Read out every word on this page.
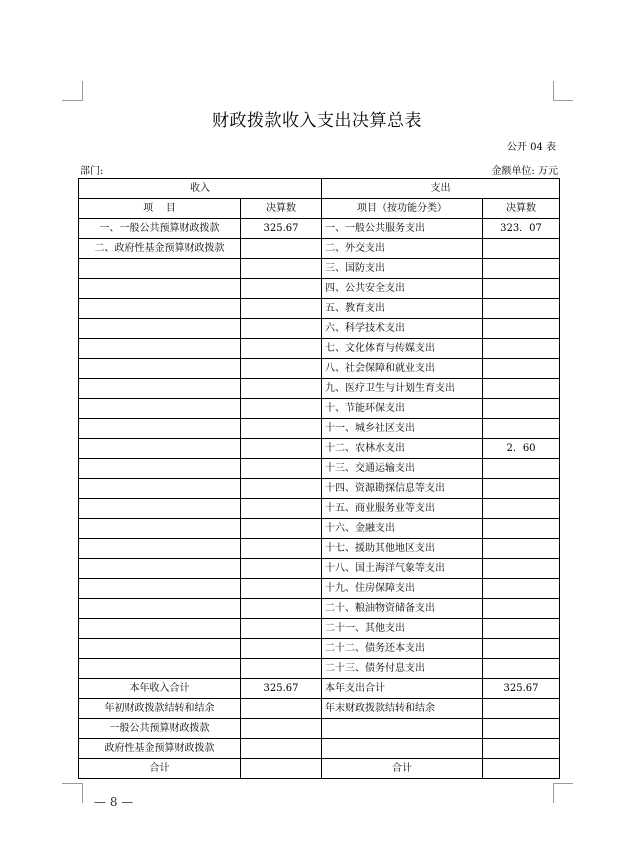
财政拨款收入支出决算总表
公开 04 表
部门:	金额单位: 万元
收入		支出	
项    目	决算数	项目（按功能分类）	决算数
一、一般公共预算财政拨款	325.67	一、一般公共服务支出	323．07
二、政府性基金预算财政拨款		二、外交支出	
		三、国防支出	
		四、公共安全支出	
		五、教育支出	
		六、科学技术支出	
		七、文化体育与传媒支出	
		八、社会保障和就业支出	
		九、医疗卫生与计划生育支出	
		十、节能环保支出	
		十一、城乡社区支出	
		十二、农林水支出	2．60
		十三、交通运输支出	
		十四、资源勘探信息等支出	
		十五、商业服务业等支出	
		十六、金融支出	
		十七、援助其他地区支出	
		十八、国土海洋气象等支出	
		十九、住房保障支出	
		二十、粮油物资储备支出	
		二十一、其他支出	
		二十二、债务还本支出	
		二十三、债务付息支出	
本年收入合计	325.67	本年支出合计	325.67
年初财政拨款结转和结余		年末财政拨款结转和结余	
一般公共预算财政拨款			
政府性基金预算财政拨款			
合计		合计	
— 8 —
